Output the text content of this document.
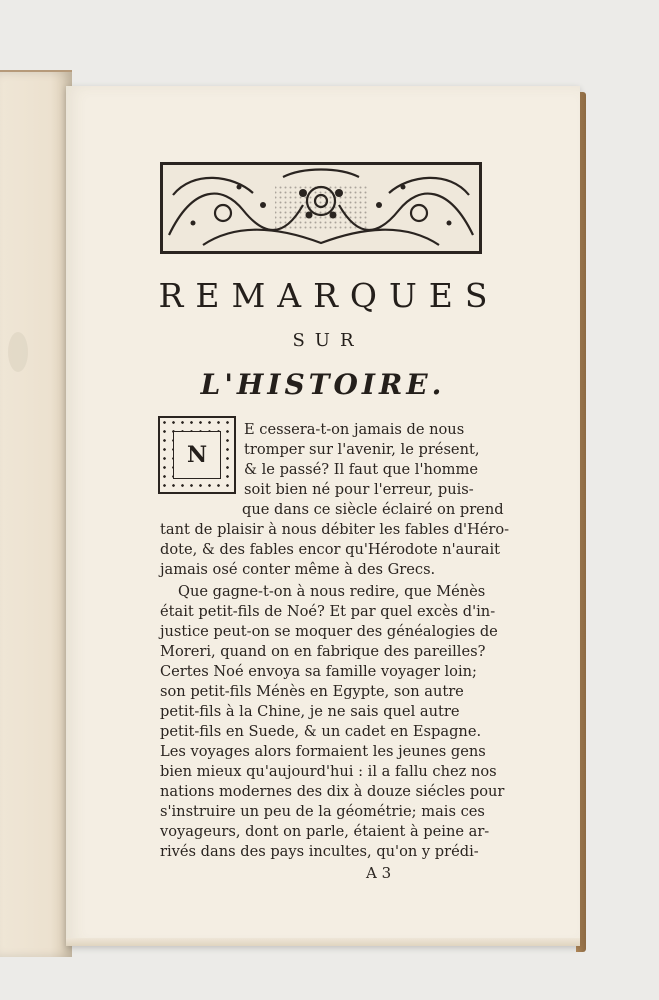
REMARQUES
SUR
L'HISTOIRE.
N
E cessera-t-on jamais de nous
tromper sur l'avenir, le présent,
& le passé? Il faut que l'homme
soit bien né pour l'erreur, puis-
que dans ce siècle éclairé on prend
tant de plaisir à nous débiter les fables d'Héro-
dote, & des fables encor qu'Hérodote n'aurait
jamais osé conter même à des Grecs.
Que gagne-t-on à nous redire, que Ménès
était petit-fils de Noé? Et par quel excès d'in-
justice peut-on se moquer des généalogies de
Moreri, quand on en fabrique des pareilles?
Certes Noé envoya sa famille voyager loin;
son petit-fils Ménès en Egypte, son autre
petit-fils à la Chine, je ne sais quel autre
petit-fils en Suede, & un cadet en Espagne.
Les voyages alors formaient les jeunes gens
bien mieux qu'aujourd'hui : il a fallu chez nos
nations modernes des dix à douze siécles pour
s'instruire un peu de la géométrie; mais ces
voyageurs, dont on parle, étaient à peine ar-
rivés dans des pays incultes, qu'on y prédi-
A 3
